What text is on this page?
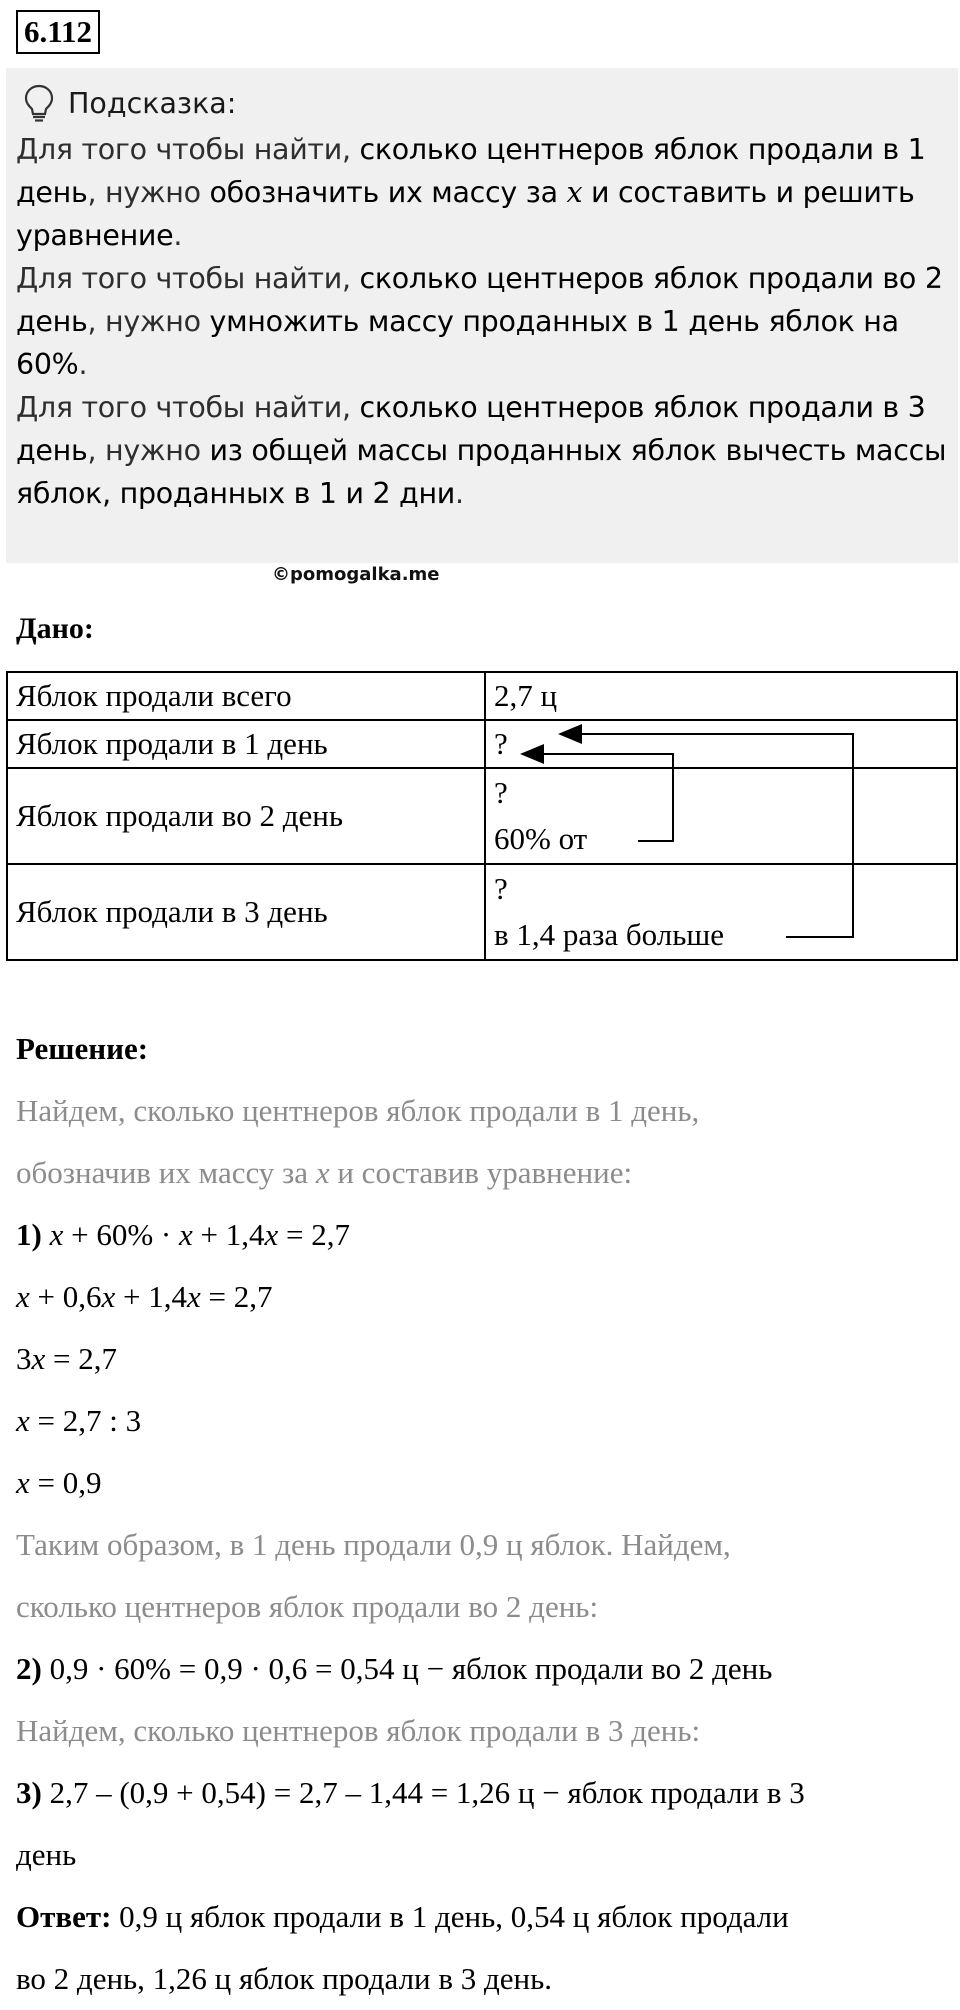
6.112
Подсказка:

Для того чтобы найти, сколько центнеров яблок продали в 1 день, нужно обозначить их массу за x и составить и решить уравнение.

Для того чтобы найти, сколько центнеров яблок продали во 2 день, нужно умножить массу проданных в 1 день яблок на 60%.

Для того чтобы найти, сколько центнеров яблок продали в 3 день, нужно из общей массы проданных яблок вычесть массы яблок, проданных в 1 и 2 дни.

©pomogalka.me
Дано:
Яблок продали всего	2,7 ц
Яблок продали в 1 день	?
Яблок продали во 2 день	?
60% от

Яблок продали в 3 день	?
в 1,4 раза больше

Решение:

Найдем, сколько центнеров яблок продали в 1 день,

обозначив их массу за x и составив уравнение:

1) x + 60% · x + 1,4x = 2,7

x + 0,6x + 1,4x = 2,7

3x = 2,7

x = 2,7 : 3

x = 0,9

Таким образом, в 1 день продали 0,9 ц яблок. Найдем,

сколько центнеров яблок продали во 2 день:

2) 0,9 · 60% = 0,9 · 0,6 = 0,54 ц − яблок продали во 2 день

Найдем, сколько центнеров яблок продали в 3 день:

3) 2,7 – (0,9 + 0,54) = 2,7 – 1,44 = 1,26 ц − яблок продали в 3

день

Ответ: 0,9 ц яблок продали в 1 день, 0,54 ц яблок продали

во 2 день, 1,26 ц яблок продали в 3 день.
